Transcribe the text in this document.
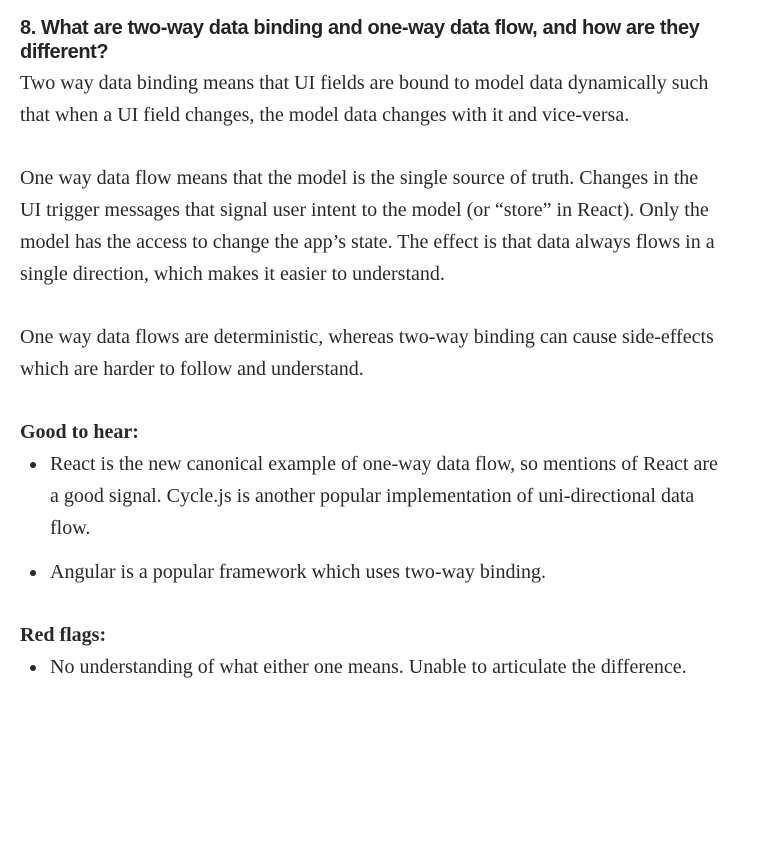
8. What are two-way data binding and one-way data flow, and how are they different?

Two way data binding means that UI fields are bound to model data dynamically such that when a UI field changes, the model data changes with it and vice-versa.

One way data flow means that the model is the single source of truth. Changes in the UI trigger messages that signal user intent to the model (or “store” in React). Only the model has the access to change the app’s state. The effect is that data always flows in a single direction, which makes it easier to understand.

One way data flows are deterministic, whereas two-way binding can cause side-effects which are harder to follow and understand.

Good to hear:

React is the new canonical example of one-way data flow, so mentions of React are a good signal. Cycle.js is another popular implementation of uni-directional data flow.
Angular is a popular framework which uses two-way binding.

Red flags:

No understanding of what either one means. Unable to articulate the difference.
